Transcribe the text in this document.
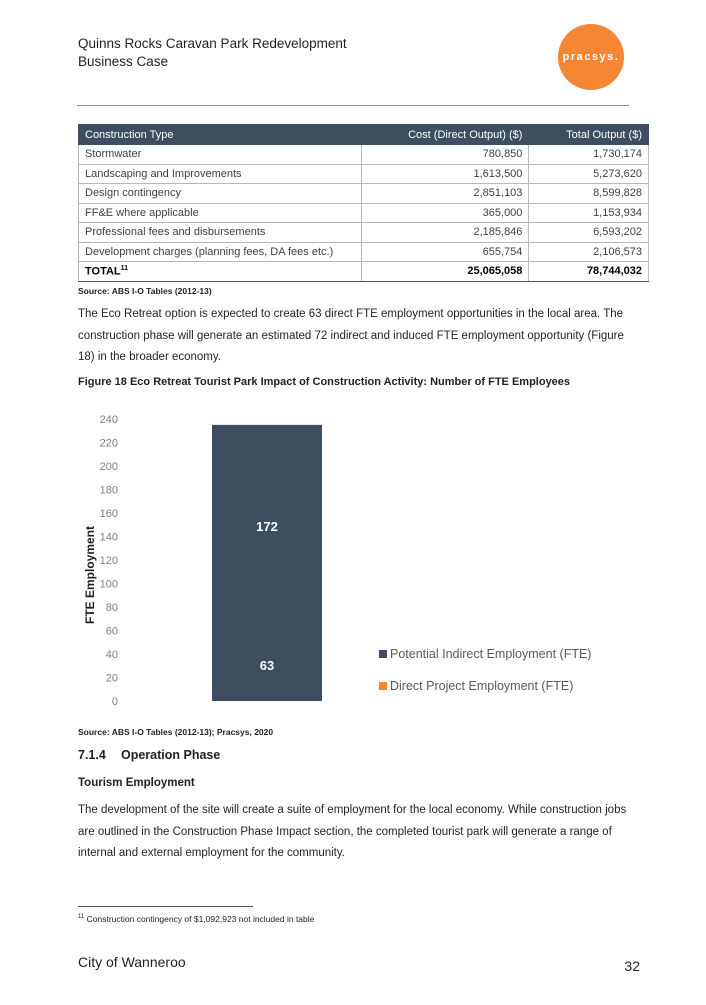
Quinns Rocks Caravan Park Redevelopment
Business Case	pracsys.
Construction Type	Cost (Direct Output) ($)	Total Output ($)
Stormwater	780,850	1,730,174
Landscaping and Improvements	1,613,500	5,273,620
Design contingency	2,851,103	8,599,828
FF&E where applicable	365,000	1,153,934
Professional fees and disbursements	2,185,846	6,593,202
Development charges (planning fees, DA fees etc.)	655,754	2,106,573
TOTAL$^{11}$	25,065,058	78,744,032
Source: ABS I-O Tables (2012-13)
The Eco Retreat option is expected to create 63 direct FTE employment opportunities in the local area. The construction phase will generate an estimated 72 indirect and induced FTE employment opportunity (Figure 18) in the broader economy.
Figure 18 Eco Retreat Tourist Park Impact of Construction Activity: Number of FTE Employees
FTE Employment
0
20
40
60
80
100
120
140
160
180
200
220
240
63
172
Potential Indirect Employment (FTE)
Direct Project Employment (FTE)
Source: ABS I-O Tables (2012-13); Pracsys, 2020
7.1.4 Operation Phase
Tourism Employment
The development of the site will create a suite of employment for the local economy. While construction jobs are outlined in the Construction Phase Impact section, the completed tourist park will generate a range of internal and external employment for the community.
$^{11}$ Construction contingency of $1,092,923 not included in table
City of Wanneroo	32
